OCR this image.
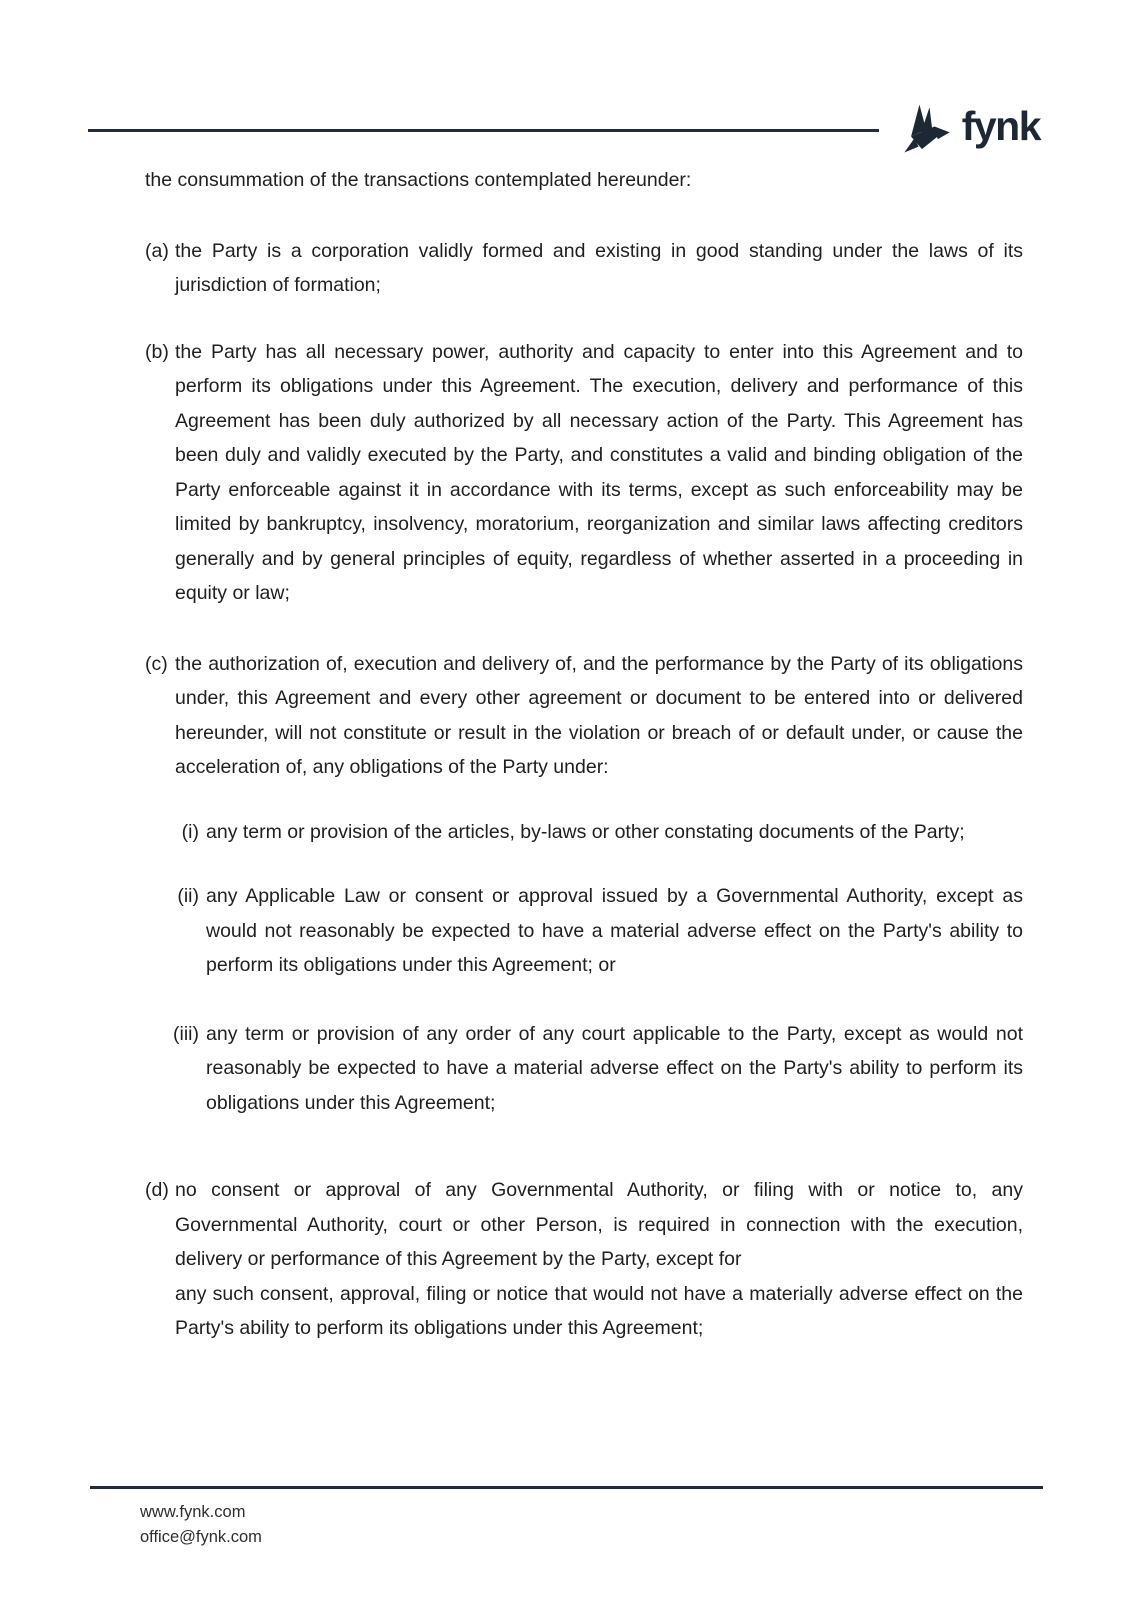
fynk

the consummation of the transactions contemplated hereunder:

(a) the Party is a corporation validly formed and existing in good standing under the laws of its jurisdiction of formation;
(b) the Party has all necessary power, authority and capacity to enter into this Agreement and to perform its obligations under this Agreement. The execution, delivery and performance of this Agreement has been duly authorized by all necessary action of the Party. This Agreement has been duly and validly executed by the Party, and constitutes a valid and binding obligation of the Party enforceable against it in accordance with its terms, except as such enforceability may be limited by bankruptcy, insolvency, moratorium, reorganization and similar laws affecting creditors generally and by general principles of equity, regardless of whether asserted in a proceeding in equity or law;
(c) the authorization of, execution and delivery of, and the performance by the Party of its obligations under, this Agreement and every other agreement or document to be entered into or delivered hereunder, will not constitute or result in the violation or breach of or default under, or cause the acceleration of, any obligations of the Party under:
(i) any term or provision of the articles, by-laws or other constating documents of the Party;
(ii) any Applicable Law or consent or approval issued by a Governmental Authority, except as would not reasonably be expected to have a material adverse effect on the Party's ability to perform its obligations under this Agreement; or
(iii) any term or provision of any order of any court applicable to the Party, except as would not reasonably be expected to have a material adverse effect on the Party's ability to perform its obligations under this Agreement;
(d) no consent or approval of any Governmental Authority, or filing with or notice to, any Governmental Authority, court or other Person, is required in connection with the execution, delivery or performance of this Agreement by the Party, except for
any such consent, approval, filing or notice that would not have a materially adverse effect on the Party's ability to perform its obligations under this Agreement;
www.fynk.com
office@fynk.com
